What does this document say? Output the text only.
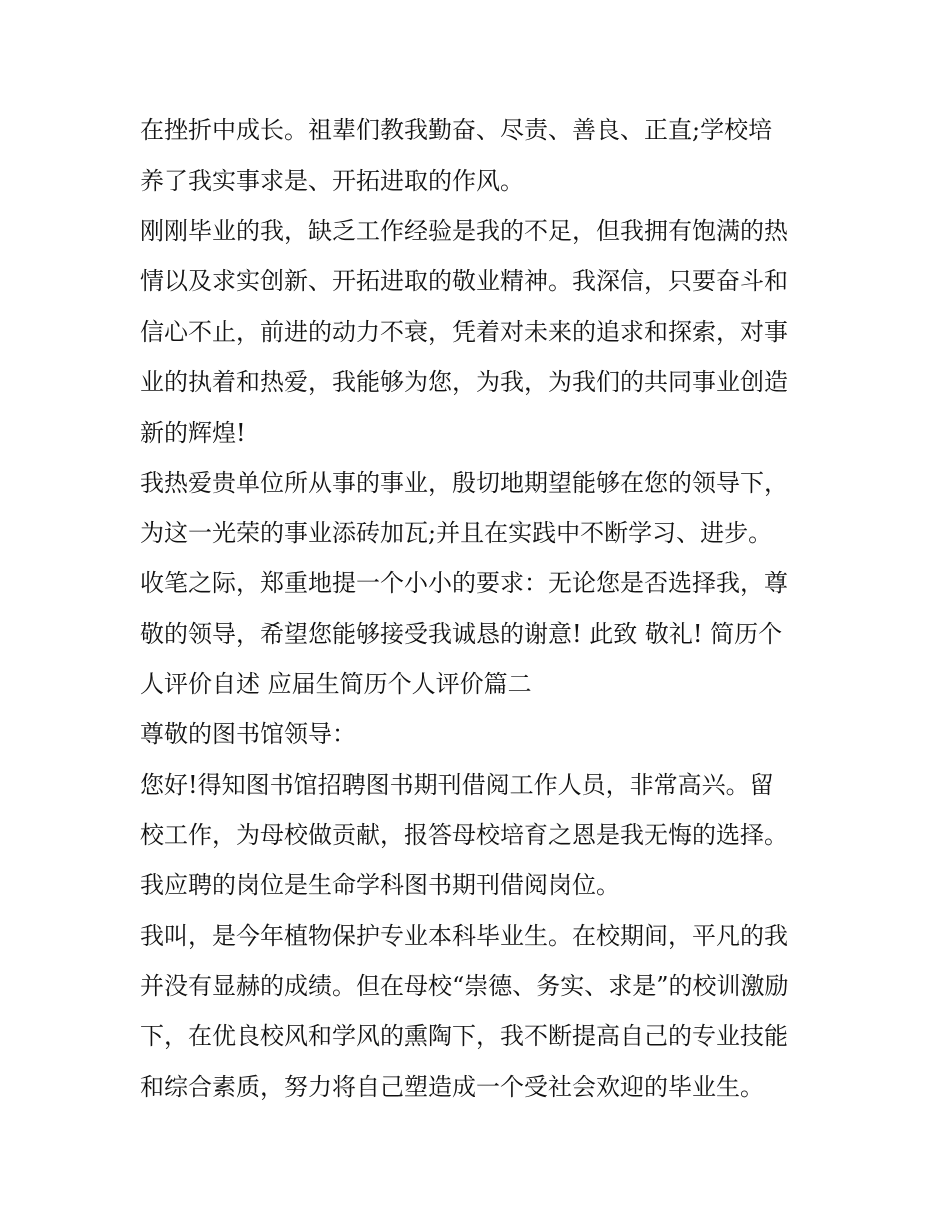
在挫折中成长。祖辈们教我勤奋、尽责、善良、正直;学校培
养了我实事求是、开拓进取的作风。
刚刚毕业的我，缺乏工作经验是我的不足，但我拥有饱满的热
情以及求实创新、开拓进取的敬业精神。我深信，只要奋斗和
信心不止，前进的动力不衰，凭着对未来的追求和探索，对事
业的执着和热爱，我能够为您，为我，为我们的共同事业创造
新的辉煌!
我热爱贵单位所从事的事业，殷切地期望能够在您的领导下，
为这一光荣的事业添砖加瓦;并且在实践中不断学习、进步。
收笔之际，郑重地提一个小小的要求：无论您是否选择我，尊
敬的领导，希望您能够接受我诚恳的谢意! 此致 敬礼! 简历个
人评价自述 应届生简历个人评价篇二
尊敬的图书馆领导：
您好!得知图书馆招聘图书期刊借阅工作人员，非常高兴。留
校工作，为母校做贡献，报答母校培育之恩是我无悔的选择。
我应聘的岗位是生命学科图书期刊借阅岗位。
我叫，是今年植物保护专业本科毕业生。在校期间，平凡的我
并没有显赫的成绩。但在母校“崇德、务实、求是”的校训激励
下，在优良校风和学风的熏陶下，我不断提高自己的专业技能
和综合素质，努力将自己塑造成一个受社会欢迎的毕业生。
